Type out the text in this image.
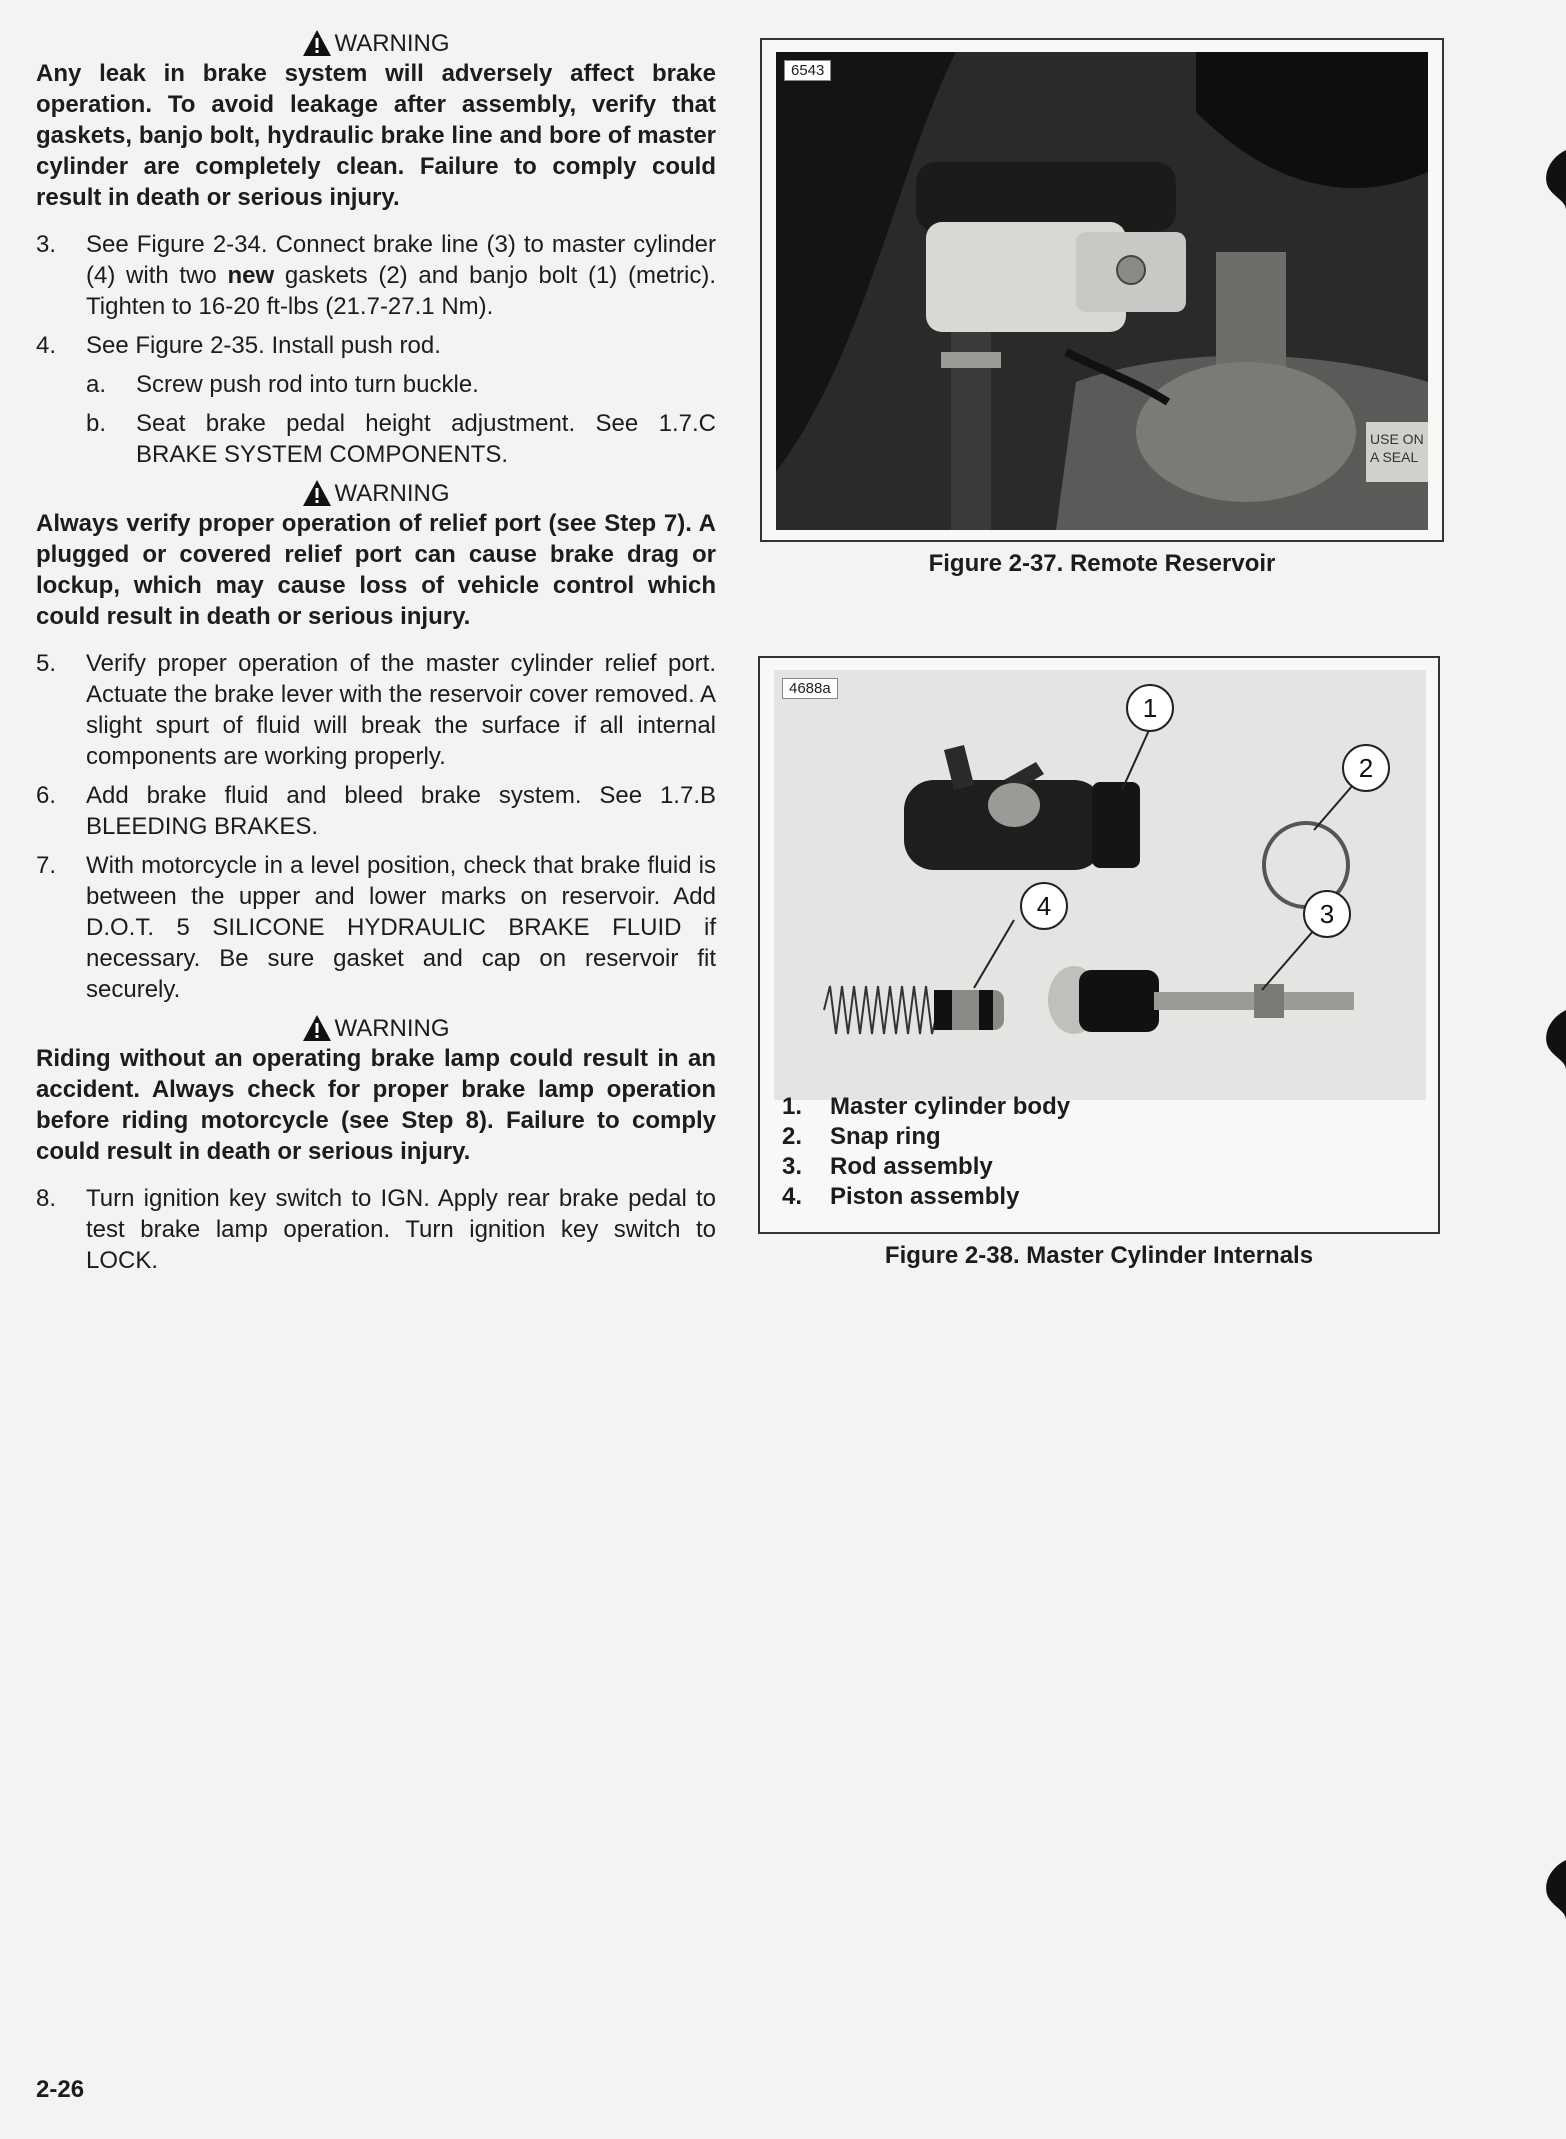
WARNING

Any leak in brake system will adversely affect brake operation. To avoid leakage after assembly, verify that gaskets, banjo bolt, hydraulic brake line and bore of master cylinder are completely clean. Failure to comply could result in death or serious injury.

3.	See Figure 2-34. Connect brake line (3) to master cylinder (4) with two new gaskets (2) and banjo bolt (1) (metric). Tighten to 16-20 ft-lbs (21.7-27.1 Nm).
4.	See Figure 2-35. Install push rod.
a.	Screw push rod into turn buckle.
b.	Seat brake pedal height adjustment. See 1.7.C BRAKE SYSTEM COMPONENTS.
WARNING

Always verify proper operation of relief port (see Step 7). A plugged or covered relief port can cause brake drag or lockup, which may cause loss of vehicle control which could result in death or serious injury.

5.	Verify proper operation of the master cylinder relief port. Actuate the brake lever with the reservoir cover removed. A slight spurt of fluid will break the surface if all internal components are working properly.
6.	Add brake fluid and bleed brake system. See 1.7.B BLEEDING BRAKES.
7.	With motorcycle in a level position, check that brake fluid is between the upper and lower marks on reservoir. Add D.O.T. 5 SILICONE HYDRAULIC BRAKE FLUID if necessary. Be sure gasket and cap on reservoir fit securely.
WARNING

Riding without an operating brake lamp could result in an accident. Always check for proper brake lamp operation before riding motorcycle (see Step 8). Failure to comply could result in death or serious injury.

8.	Turn ignition key switch to IGN. Apply rear brake pedal to test brake lamp operation. Turn ignition key switch to LOCK.
USE ON
A SEAL
6543
Figure 2-37. Remote Reservoir
4688a
1
2
3
4
1.	Master cylinder body
2.	Snap ring
3.	Rod assembly
4.	Piston assembly
Figure 2-38. Master Cylinder Internals
2-26
